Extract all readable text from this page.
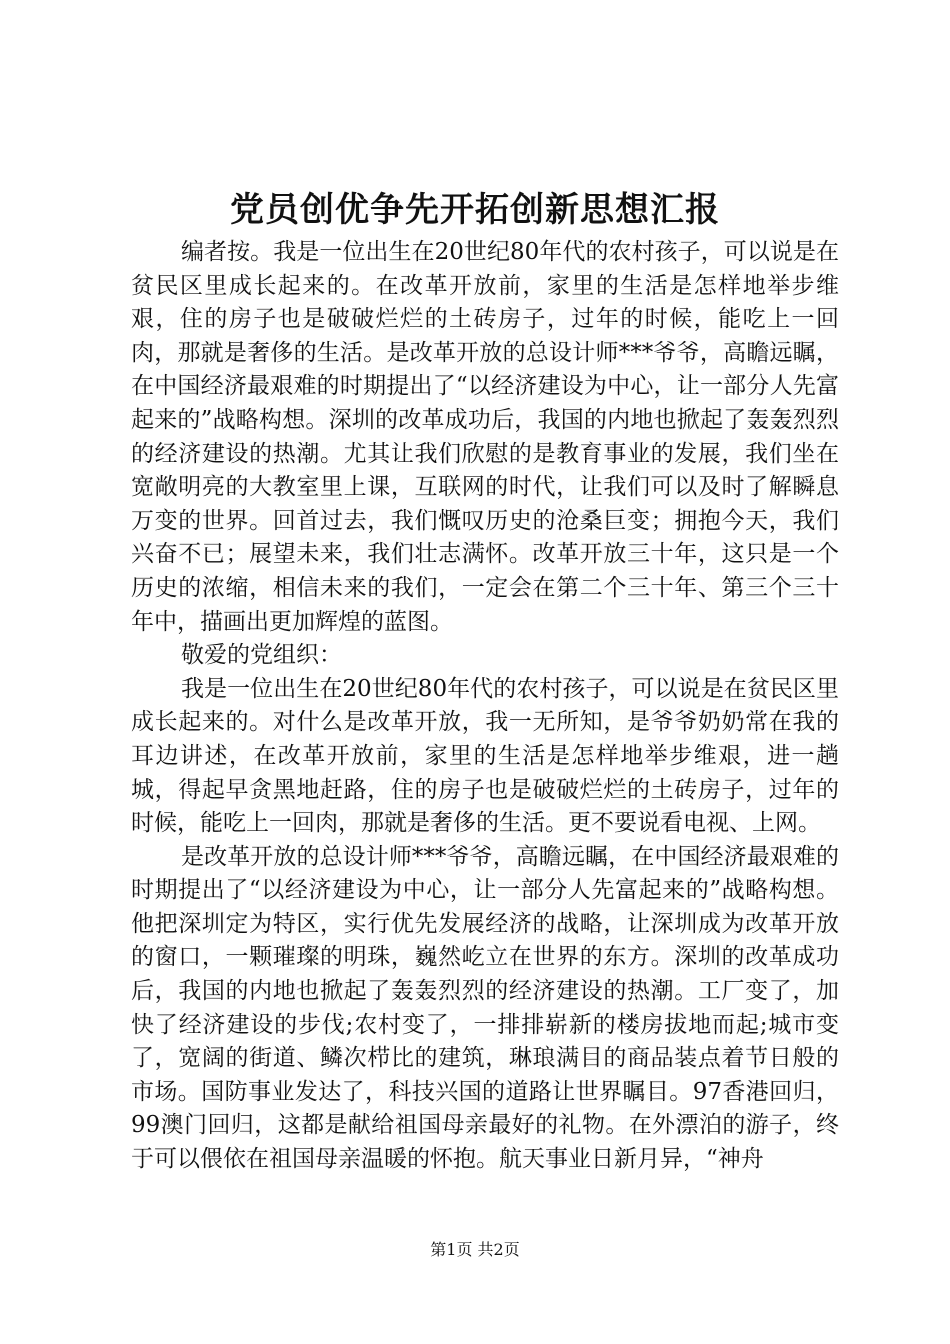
党员创优争先开拓创新思想汇报

编者按。我是一位出生在20世纪80年代的农村孩子，可以说是在贫民区里成长起来的。在改革开放前，家里的生活是怎样地举步维艰，住的房子也是破破烂烂的土砖房子，过年的时候，能吃上一回肉，那就是奢侈的生活。是改革开放的总设计师***爷爷，高瞻远瞩，在中国经济最艰难的时期提出了“以经济建设为中心，让一部分人先富起来的”战略构想。深圳的改革成功后，我国的内地也掀起了轰轰烈烈的经济建设的热潮。尤其让我们欣慰的是教育事业的发展，我们坐在宽敞明亮的大教室里上课，互联网的时代，让我们可以及时了解瞬息万变的世界。回首过去，我们慨叹历史的沧桑巨变；拥抱今天，我们兴奋不已；展望未来，我们壮志满怀。改革开放三十年，这只是一个历史的浓缩，相信未来的我们，一定会在第二个三十年、第三个三十年中，描画出更加辉煌的蓝图。

敬爱的党组织：

我是一位出生在20世纪80年代的农村孩子，可以说是在贫民区里成长起来的。对什么是改革开放，我一无所知，是爷爷奶奶常在我的耳边讲述，在改革开放前，家里的生活是怎样地举步维艰，进一趟城，得起早贪黑地赶路，住的房子也是破破烂烂的土砖房子，过年的时候，能吃上一回肉，那就是奢侈的生活。更不要说看电视、上网。

是改革开放的总设计师***爷爷，高瞻远瞩，在中国经济最艰难的时期提出了“以经济建设为中心，让一部分人先富起来的”战略构想。他把深圳定为特区，实行优先发展经济的战略，让深圳成为改革开放的窗口，一颗璀璨的明珠，巍然屹立在世界的东方。深圳的改革成功后，我国的内地也掀起了轰轰烈烈的经济建设的热潮。工厂变了，加快了经济建设的步伐;农村变了，一排排崭新的楼房拔地而起;城市变了，宽阔的街道、鳞次栉比的建筑，琳琅满目的商品装点着节日般的市场。国防事业发达了，科技兴国的道路让世界瞩目。97香港回归，99澳门回归，这都是献给祖国母亲最好的礼物。在外漂泊的游子，终于可以偎依在祖国母亲温暖的怀抱。航天事业日新月异，“神舟

第1页 共2页
